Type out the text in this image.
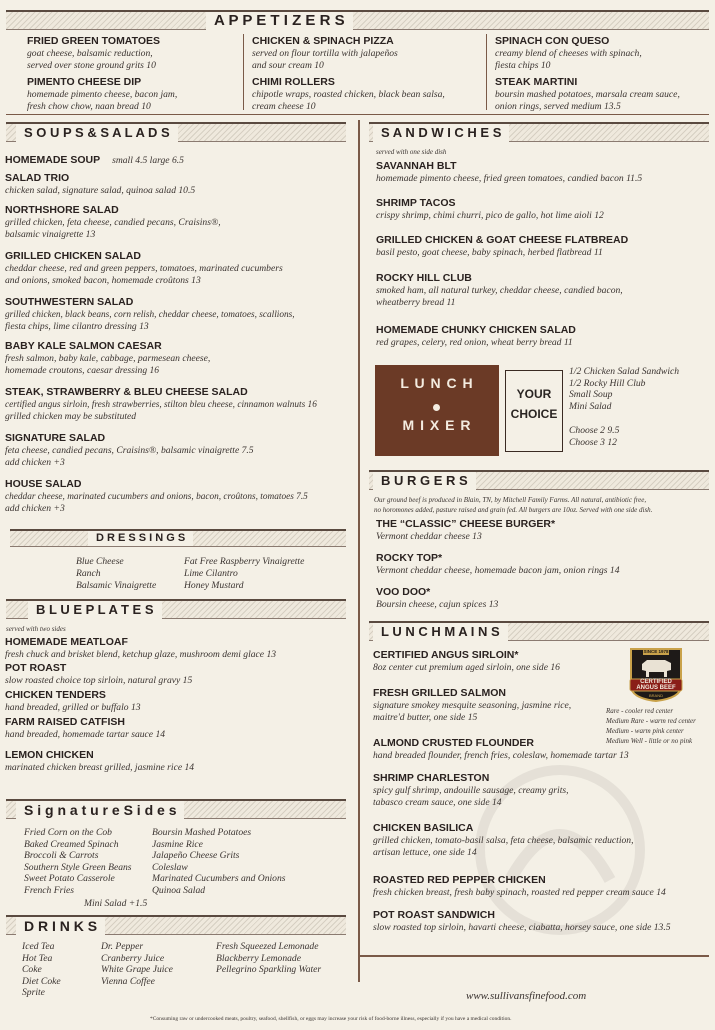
A P P E T I Z E R S
FRIED GREEN TOMATOES
goat cheese, balsamic reduction,
served over stone ground grits 10
CHICKEN & SPINACH PIZZA
served on flour tortilla with jalapeños
and sour cream 10
SPINACH CON QUESO
creamy blend of cheeses with spinach,
fiesta chips 10
PIMENTO CHEESE DIP
homemade pimento cheese, bacon jam,
fresh chow chow, naan bread 10
CHIMI ROLLERS
chipotle wraps, roasted chicken, black bean salsa,
cream cheese 10
STEAK MARTINI
boursin mashed potatoes, marsala cream sauce,
onion rings, served medium 13.5
S O U P S & S A L A D S
HOMEMADE SOUP small 4.5 large 6.5
SALAD TRIO
chicken salad, signature salad, quinoa salad 10.5
NORTHSHORE SALAD
grilled chicken, feta cheese, candied pecans, Craisins®,
balsamic vinaigrette 13
GRILLED CHICKEN SALAD
cheddar cheese, red and green peppers, tomatoes, marinated cucumbers
and onions, smoked bacon, homemade croûtons 13
SOUTHWESTERN SALAD
grilled chicken, black beans, corn relish, cheddar cheese, tomatoes, scallions,
fiesta chips, lime cilantro dressing 13
BABY KALE SALMON CAESAR
fresh salmon, baby kale, cabbage, parmesean cheese,
homemade croutons, caesar dressing 16
STEAK, STRAWBERRY & BLEU CHEESE SALAD
certified angus sirloin, fresh strawberries, stilton bleu cheese, cinnamon walnuts 16
grilled chicken may be substituted
SIGNATURE SALAD
feta cheese, candied pecans, Craisins®, balsamic vinaigrette 7.5
add chicken +3
HOUSE SALAD
cheddar cheese, marinated cucumbers and onions, bacon, croûtons, tomatoes 7.5
add chicken +3
D R E S S I N G S
Blue Cheese
Ranch
Balsamic Vinaigrette
Fat Free Raspberry Vinaigrette
Lime Cilantro
Honey Mustard
B L U E P L A T E S
served with two sides
HOMEMADE MEATLOAF
fresh chuck and brisket blend, ketchup glaze, mushroom demi glace 13
POT ROAST
slow roasted choice top sirloin, natural gravy 15
CHICKEN TENDERS
hand breaded, grilled or buffalo 13
FARM RAISED CATFISH
hand breaded, homemade tartar sauce 14
LEMON CHICKEN
marinated chicken breast grilled, jasmine rice 14
S i g n a t u r e S i d e s
Fried Corn on the Cob
Baked Creamed Spinach
Broccoli & Carrots
Southern Style Green Beans
Sweet Potato Casserole
French Fries
Boursin Mashed Potatoes
Jasmine Rice
Jalapeño Cheese Grits
Coleslaw
Marinated Cucumbers and Onions
Quinoa Salad
Mini Salad +1.5
D R I N K S
Iced Tea
Hot Tea
Coke
Diet Coke
Sprite
Dr. Pepper
Cranberry Juice
White Grape Juice
Vienna Coffee
Fresh Squeezed Lemonade
Blackberry Lemonade
Pellegrino Sparkling Water
S A N D W I C H E S
served with one side dish
SAVANNAH BLT
homemade pimento cheese, fried green tomatoes, candied bacon 11.5
SHRIMP TACOS
crispy shrimp, chimi churri, pico de gallo, hot lime aioli 12
GRILLED CHICKEN & GOAT CHEESE FLATBREAD
basil pesto, goat cheese, baby spinach, herbed flatbread 11
ROCKY HILL CLUB
smoked ham, all natural turkey, cheddar cheese, candied bacon,
wheatberry bread 11
HOMEMADE CHUNKY CHICKEN SALAD
red grapes, celery, red onion, wheat berry bread 11
L U N C H
M I X E R
YOUR
CHOICE
1/2 Chicken Salad Sandwich
1/2 Rocky Hill Club
Small Soup
Mini Salad
Choose 2 9.5
Choose 3 12
B U R G E R S
Our ground beef is produced in Blain, TN, by Mitchell Family Farms. All natural, antibiotic free,
no horomones added, pasture raised and grain fed. All burgers are 10oz. Served with one side dish.
THE “CLASSIC” CHEESE BURGER*
Vermont cheddar cheese 13
ROCKY TOP*
Vermont cheddar cheese, homemade bacon jam, onion rings 14
VOO DOO*
Boursin cheese, cajun spices 13
L U N C H M A I N S
CERTIFIED ANGUS SIRLOIN*
8oz center cut premium aged sirloin, one side 16
FRESH GRILLED SALMON
signature smokey mesquite seasoning, jasmine rice,
maitre'd butter, one side 15
ALMOND CRUSTED FLOUNDER
hand breaded flounder, french fries, coleslaw, homemade tartar 13
SHRIMP CHARLESTON
spicy gulf shrimp, andouille sausage, creamy grits,
tabasco cream sauce, one side 14
CHICKEN BASILICA
grilled chicken, tomato-basil salsa, feta cheese, balsamic reduction,
artisan lettuce, one side 14
ROASTED RED PEPPER CHICKEN
fresh chicken breast, fresh baby spinach, roasted red pepper cream sauce 14
POT ROAST SANDWICH
slow roasted top sirloin, havarti cheese, ciabatta, horsey sauce, one side 13.5
SINCE 1978
CERTIFIED
ANGUS BEEF
BRAND
Rare - cooler red center
Medium Rare - warm red center
Medium - warm pink center
Medium Well - little or no pink
www.sullivansfinefood.com
*Consuming raw or undercooked meats, poultry, seafood, shellfish, or eggs may increase your risk of food-borne illness, especially if you have a medical condition.
